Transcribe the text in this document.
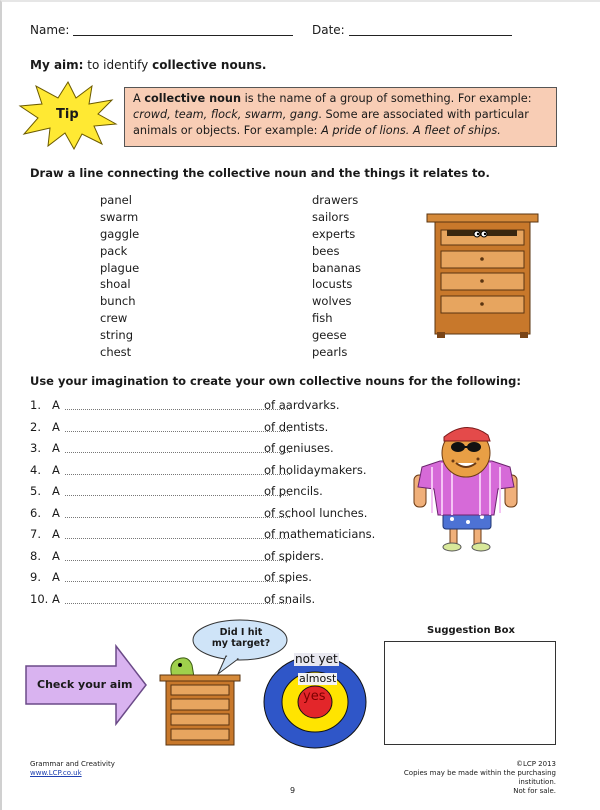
Name:	Date:
My aim: to identify collective nouns.
Tip
A collective noun is the name of a group of something. For example:
crowd, team, flock, swarm, gang. Some are associated with particular
animals or objects. For example: A pride of lions. A fleet of ships.
Draw a line connecting the collective noun and the things it relates to.
panel
swarm
gaggle
pack
plague
shoal
bunch
crew
string
chest
drawers
sailors
experts
bees
bananas
locusts
wolves
fish
geese
pearls
Use your imagination to create your own collective nouns for the following:
1. A	of aardvarks.
2. A	of dentists.
3. A	of geniuses.
4. A	of holidaymakers.
5. A	of pencils.
6. A	of school lunches.
7. A	of mathematicians.
8. A	of spiders.
9. A	of spies.
10. A	of snails.
Check your aim
Did I hit
my target?
not yet
almost
yes
Suggestion Box
Grammar and Creativity
www.LCP.co.uk
©LCP 2013
Copies may be made within the purchasing institution.
Not for sale.
9
